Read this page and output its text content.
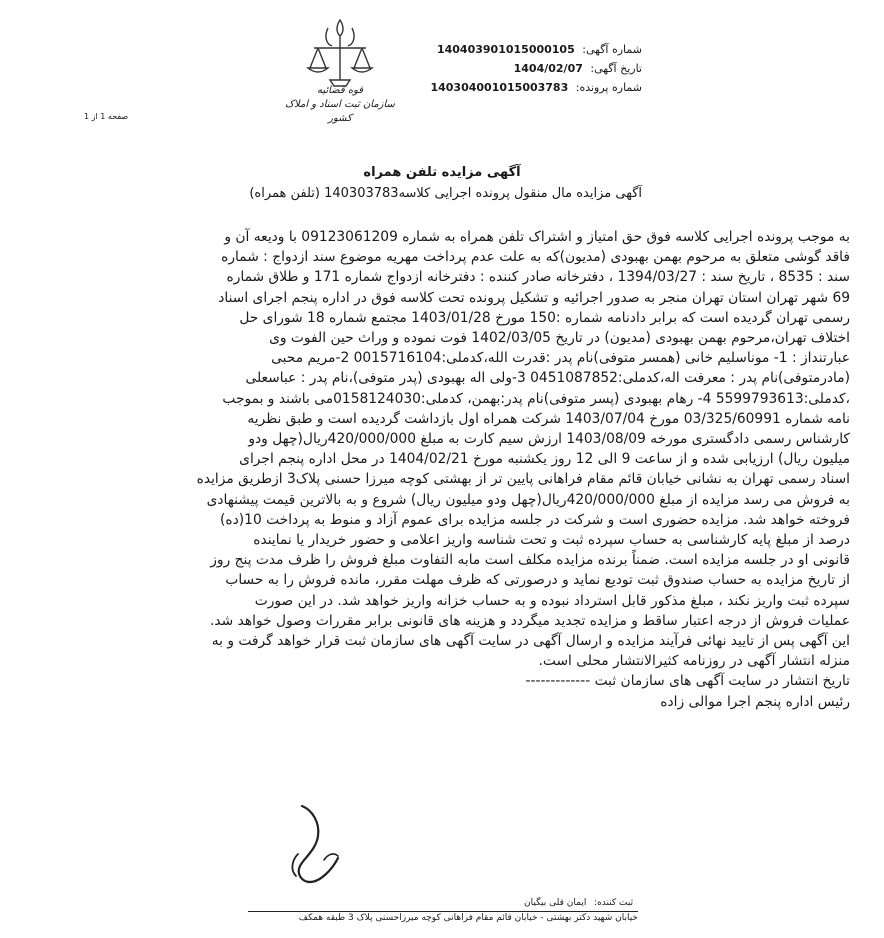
قوه قضائیه
سازمان ثبت اسناد و املاک کشور
شماره آگهی: 140403901015000105
تاریخ آگهی: 1404/02/07
شماره پرونده: 140304001015003783
صفحه 1 از 1
آگهی مزایده تلفن همراه
آگهی مزایده مال منقول پرونده اجرایی کلاسه140303783 (تلفن همراه)
به موجب پرونده اجرایی کلاسه فوق حق امتیاز و اشتراک تلفن همراه به شماره 09123061209 با ودیعه آن و
فاقد گوشی متعلق به مرحوم بهمن بهبودی (مدیون)که به علت عدم پرداخت مهریه موضوع سند ازدواج : شماره
سند : 8535 ، تاریخ سند : 1394/03/27 ، دفترخانه صادر کننده : دفترخانه ازدواج شماره 171 و طلاق شماره
69 شهر تهران استان تهران منجر به صدور اجرائیه و تشکیل پرونده تحت کلاسه فوق در اداره پنجم اجرای اسناد
رسمی تهران گردیده است که برابر دادنامه شماره :150 مورخ 1403/01/28 مجتمع شماره 18 شورای حل
اختلاف تهران،مرحوم بهمن بهبودی (مدیون) در تاریخ 1402/03/05 فوت نموده و وراث حین الفوت وی
عبارتنداز : 1- موناسلیم خانی (همسر متوفی)نام پدر :قدرت الله،کدملی:0015716104 2-مریم محبی
(مادرمتوفی)نام پدر : معرفت اله،کدملی:0451087852 3-ولی اله بهبودی (پدر متوفی)،نام پدر : عباسعلی
،کدملی:5599793613 4- رهام بهبودی (پسر متوفی)نام پدر:بهمن، کدملی:0158124030می باشند و بموجب
نامه شماره 03/325/60991 مورخ 1403/07/04 شرکت همراه اول بازداشت گردیده است و طبق نظریه
کارشناس رسمی دادگستری مورخه 1403/08/09 ارزش سیم کارت به مبلغ 420/000/000ریال(چهل ودو
میلیون ریال) ارزیابی شده و از ساعت 9 الی 12 روز یکشنبه مورخ 1404/02/21 در محل اداره پنجم اجرای
اسناد رسمی تهران به نشانی خیابان قائم مقام فراهانی پایین تر از بهشتی کوچه میرزا حسنی پلاک3 ازطریق مزایده
به فروش می رسد مزایده از مبلغ 420/000/000ریال(چهل ودو میلیون ریال) شروع و به بالاترین قیمت پیشنهادی
فروخته خواهد شد. مزایده حضوری است و شرکت در جلسه مزایده برای عموم آزاد و منوط به پرداخت 10(ده)
درصد از مبلغ پایه کارشناسی به حساب سپرده ثبت و تحت شناسه واریز اعلامی و حضور خریدار یا نماینده
قانونی او در جلسه مزایده است. ضمناً برنده مزایده مکلف است مابه التفاوت مبلغ فروش را ظرف مدت پنج روز
از تاریخ مزایده به حساب صندوق ثبت تودیع نماید و درصورتی که ظرف مهلت مقرر، مانده فروش را به حساب
سپرده ثبت واریز نکند ، مبلغ مذکور قابل استرداد نبوده و به حساب خزانه واریز خواهد شد. در این صورت
عملیات فروش از درجه اعتبار ساقط و مزایده تجدید میگردد و هزینه های قانونی برابر مقررات وصول خواهد شد.
این آگهی پس از تایید نهائی فرآیند مزایده و ارسال آگهی در سایت آگهی های سازمان ثبت قرار خواهد گرفت و به
منزله انتشار آگهی در روزنامه کثیرالانتشار محلی است.
تاریخ انتشار در سایت آگهی های سازمان ثبت -------------
رئیس اداره پنجم اجرا موالی زاده
ثبت کننده:
ایمان قلی بیگیان
خیابان شهید دکتر بهشتی - خیابان قائم مقام فراهانی کوچه میرزاحسنی پلاک 3 طبقه همکف
